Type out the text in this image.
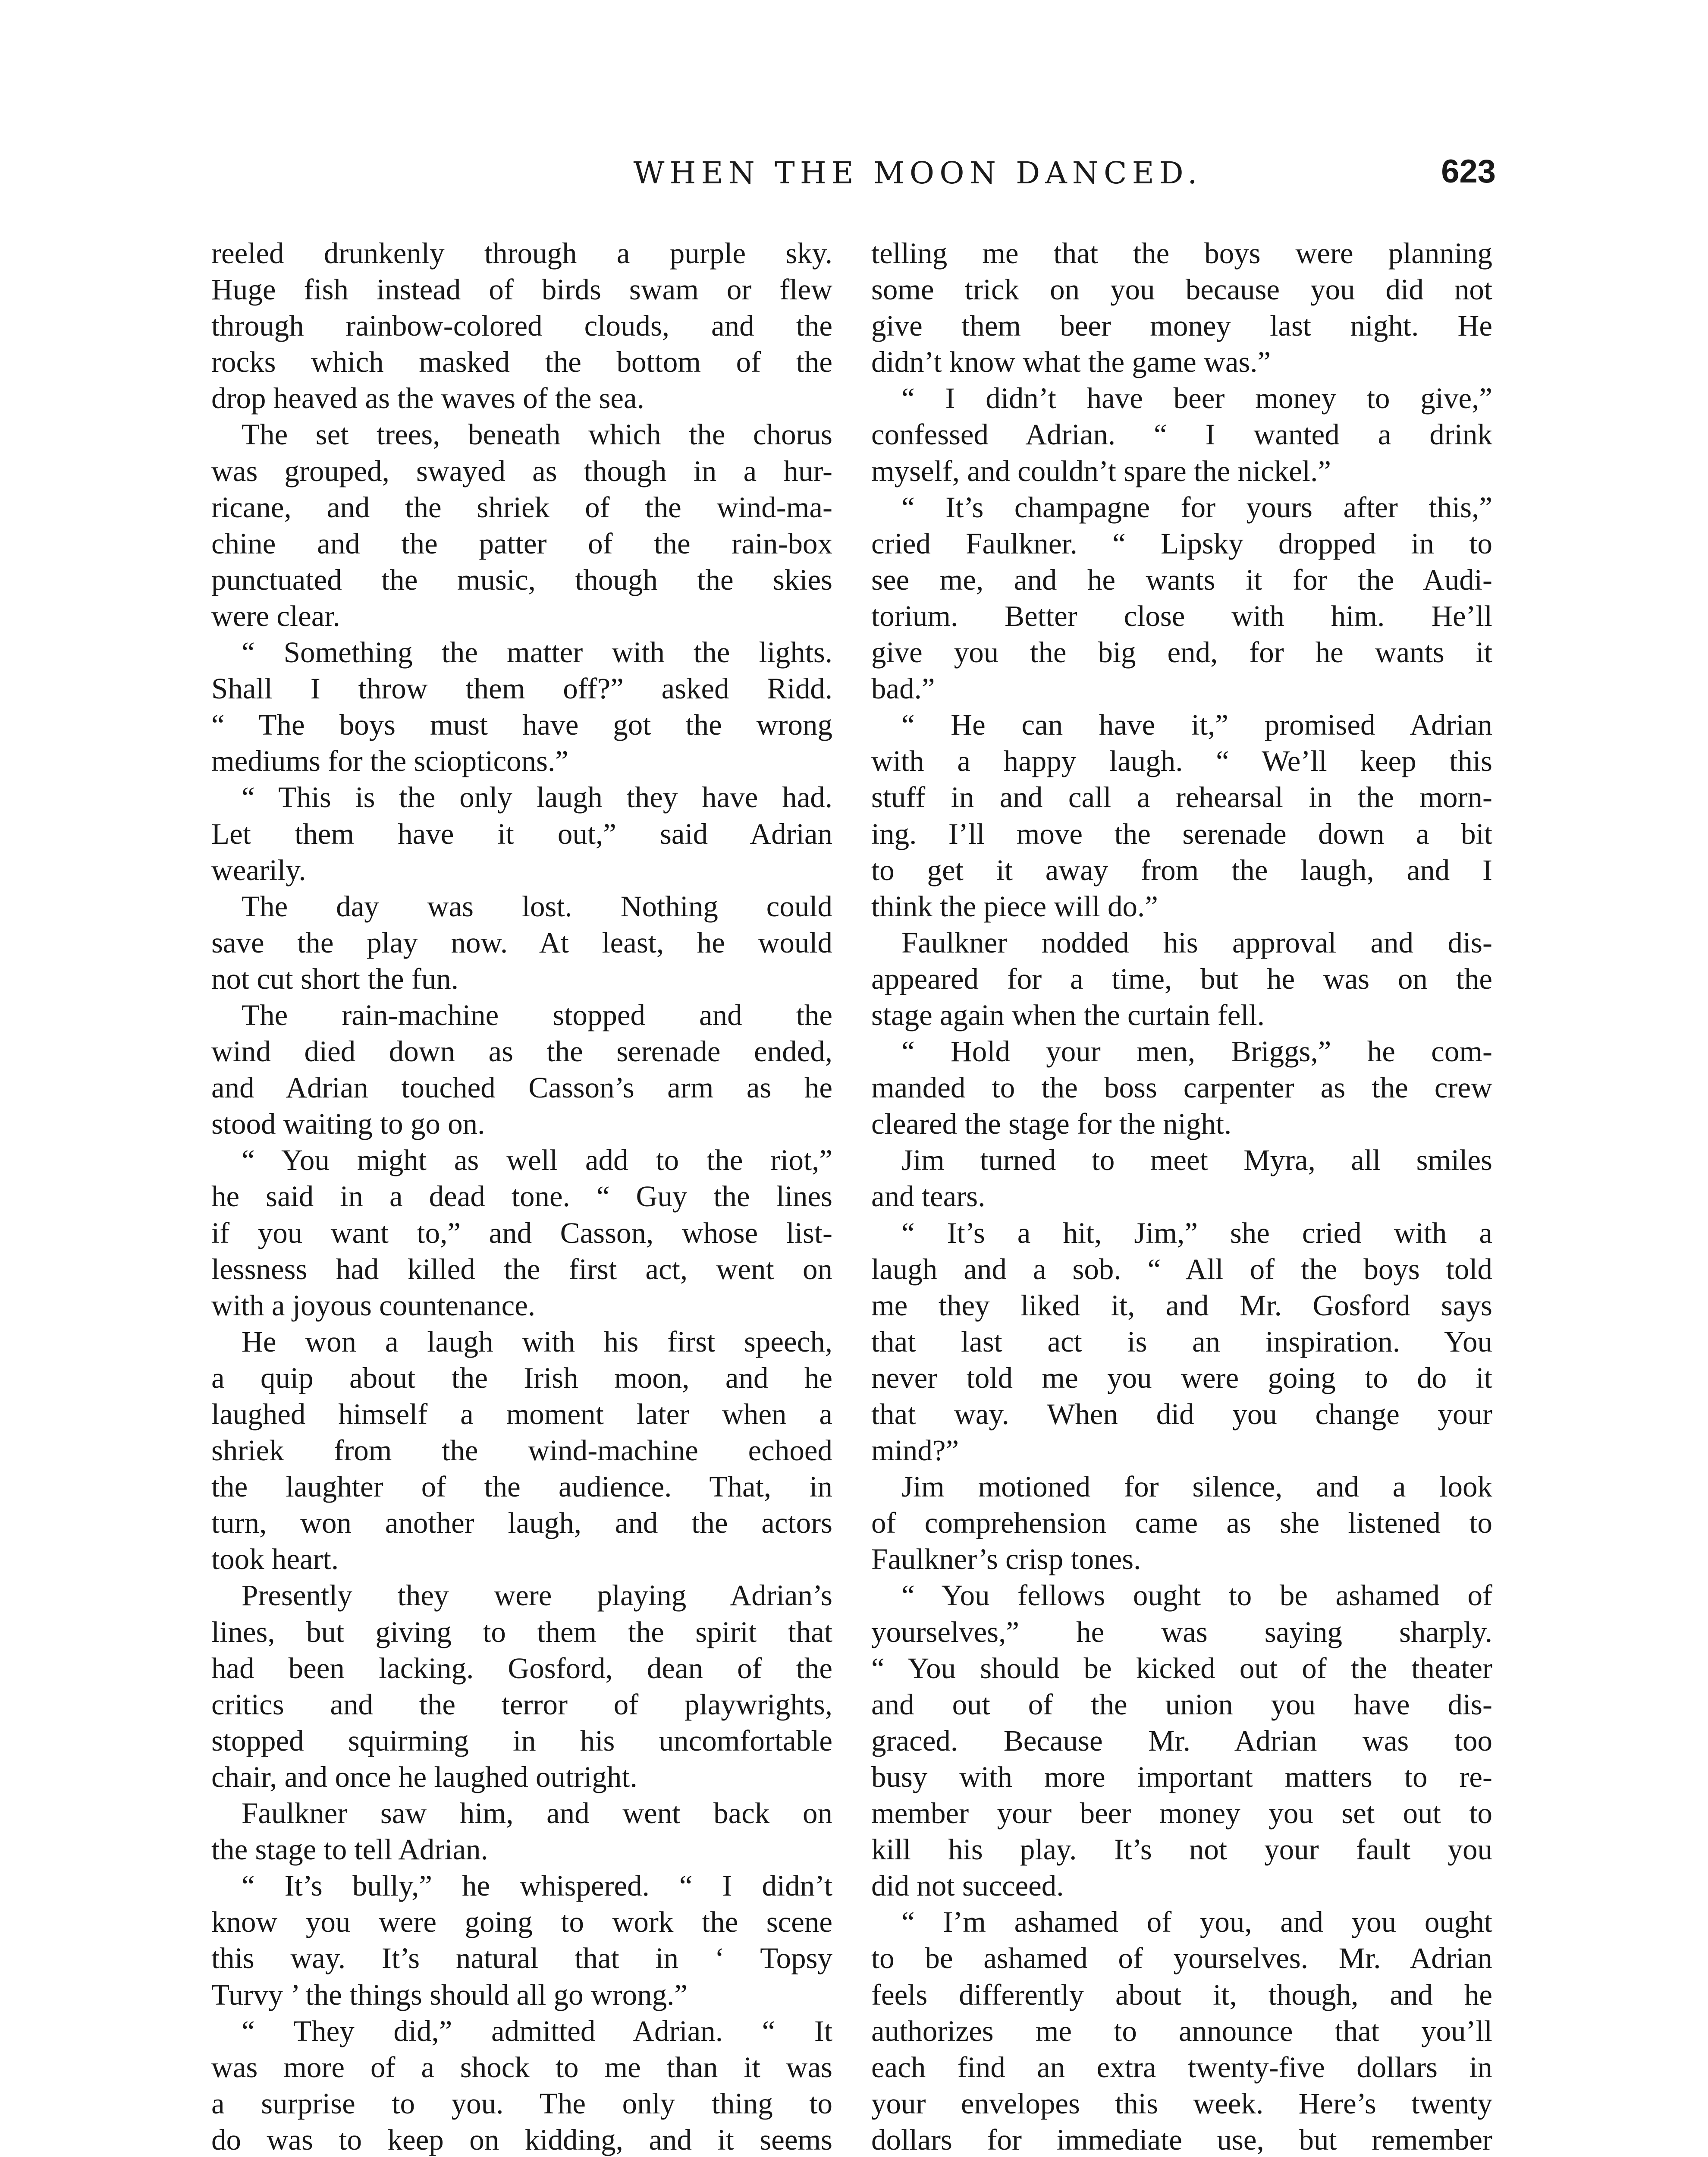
WHEN THE MOON DANCED.	623
reeled drunkenly through a purple sky.
Huge fish instead of birds swam or flew
through rainbow-colored clouds, and the
rocks which masked the bottom of the
drop heaved as the waves of the sea.
The set trees, beneath which the chorus
was grouped, swayed as though in a hur-
ricane, and the shriek of the wind-ma-
chine and the patter of the rain-box
punctuated the music, though the skies
were clear.
“ Something the matter with the lights.
Shall I throw them off?” asked Ridd.
“ The boys must have got the wrong
mediums for the sciopticons.”
“ This is the only laugh they have had.
Let them have it out,” said Adrian
wearily.
The day was lost. Nothing could
save the play now. At least, he would
not cut short the fun.
The rain-machine stopped and the
wind died down as the serenade ended,
and Adrian touched Casson’s arm as he
stood waiting to go on.
“ You might as well add to the riot,”
he said in a dead tone. “ Guy the lines
if you want to,” and Casson, whose list-
lessness had killed the first act, went on
with a joyous countenance.
He won a laugh with his first speech,
a quip about the Irish moon, and he
laughed himself a moment later when a
shriek from the wind-machine echoed
the laughter of the audience. That, in
turn, won another laugh, and the actors
took heart.
Presently they were playing Adrian’s
lines, but giving to them the spirit that
had been lacking. Gosford, dean of the
critics and the terror of playwrights,
stopped squirming in his uncomfortable
chair, and once he laughed outright.
Faulkner saw him, and went back on
the stage to tell Adrian.
“ It’s bully,” he whispered. “ I didn’t
know you were going to work the scene
this way. It’s natural that in ‘ Topsy
Turvy ’ the things should all go wrong.”
“ They did,” admitted Adrian. “ It
was more of a shock to me than it was
a surprise to you. The only thing to
do was to keep on kidding, and it seems
telling me that the boys were planning
some trick on you because you did not
give them beer money last night. He
didn’t know what the game was.”
“ I didn’t have beer money to give,”
confessed Adrian. “ I wanted a drink
myself, and couldn’t spare the nickel.”
“ It’s champagne for yours after this,”
cried Faulkner. “ Lipsky dropped in to
see me, and he wants it for the Audi-
torium. Better close with him. He’ll
give you the big end, for he wants it
bad.”
“ He can have it,” promised Adrian
with a happy laugh. “ We’ll keep this
stuff in and call a rehearsal in the morn-
ing. I’ll move the serenade down a bit
to get it away from the laugh, and I
think the piece will do.”
Faulkner nodded his approval and dis-
appeared for a time, but he was on the
stage again when the curtain fell.
“ Hold your men, Briggs,” he com-
manded to the boss carpenter as the crew
cleared the stage for the night.
Jim turned to meet Myra, all smiles
and tears.
“ It’s a hit, Jim,” she cried with a
laugh and a sob. “ All of the boys told
me they liked it, and Mr. Gosford says
that last act is an inspiration. You
never told me you were going to do it
that way. When did you change your
mind?”
Jim motioned for silence, and a look
of comprehension came as she listened to
Faulkner’s crisp tones.
“ You fellows ought to be ashamed of
yourselves,” he was saying sharply.
“ You should be kicked out of the theater
and out of the union you have dis-
graced. Because Mr. Adrian was too
busy with more important matters to re-
member your beer money you set out to
kill his play. It’s not your fault you
did not succeed.
“ I’m ashamed of you, and you ought
to be ashamed of yourselves. Mr. Adrian
feels differently about it, though, and he
authorizes me to announce that you’ll
each find an extra twenty-five dollars in
your envelopes this week. Here’s twenty
dollars for immediate use, but remember
